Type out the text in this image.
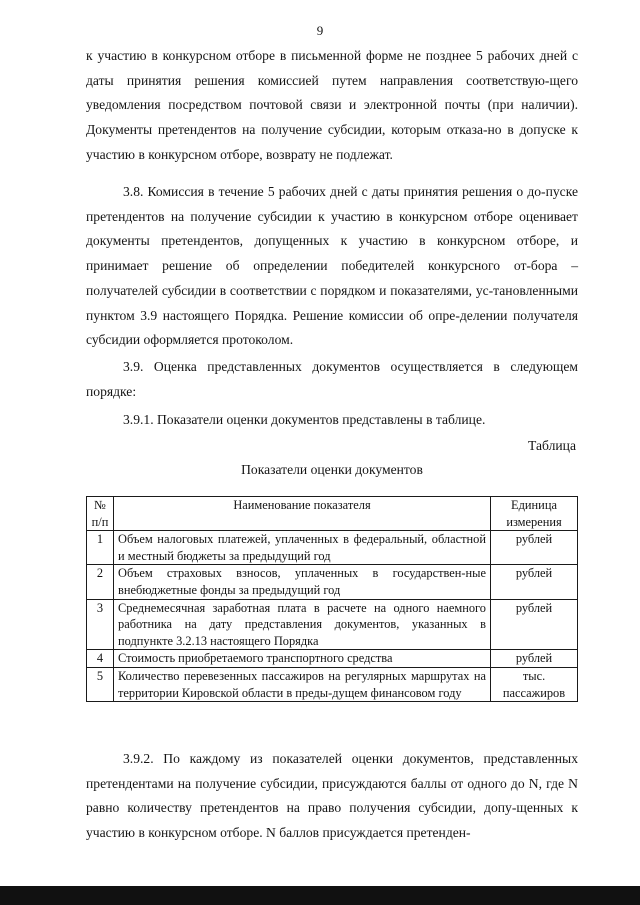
9

к участию в конкурсном отборе в письменной форме не позднее 5 рабочих дней с даты принятия решения комиссией путем направления соответствую-щего уведомления посредством почтовой связи и электронной почты (при наличии). Документы претендентов на получение субсидии, которым отказа-но в допуске к участию в конкурсном отборе, возврату не подлежат.

3.8. Комиссия в течение 5 рабочих дней с даты принятия решения о до-пуске претендентов на получение субсидии к участию в конкурсном отборе оценивает документы претендентов, допущенных к участию в конкурсном отборе, и принимает решение об определении победителей конкурсного от-бора – получателей субсидии в соответствии с порядком и показателями, ус-тановленными пунктом 3.9 настоящего Порядка. Решение комиссии об опре-делении получателя субсидии оформляется протоколом.

3.9. Оценка представленных документов осуществляется в следующем порядке:

3.9.1. Показатели оценки документов представлены в таблице.

Таблица
Показатели оценки документов
№ п/п	Наименование показателя	Единица измерения
1	Объем налоговых платежей, уплаченных в федеральный, областной и местный бюджеты за предыдущий год	рублей
2	Объем страховых взносов, уплаченных в государствен-ные внебюджетные фонды за предыдущий год	рублей
3	Среднемесячная заработная плата в расчете на одного наемного работника на дату представления документов, указанных в подпункте 3.2.13 настоящего Порядка	рублей
4	Стоимость приобретаемого транспортного средства	рублей
5	Количество перевезенных пассажиров на регулярных маршрутах на территории Кировской области в преды-дущем финансовом году	тыс. пассажиров

3.9.2. По каждому из показателей оценки документов, представленных претендентами на получение субсидии, присуждаются баллы от одного до N, где N равно количеству претендентов на право получения субсидии, допу-щенных к участию в конкурсном отборе. N баллов присуждается претенден-
